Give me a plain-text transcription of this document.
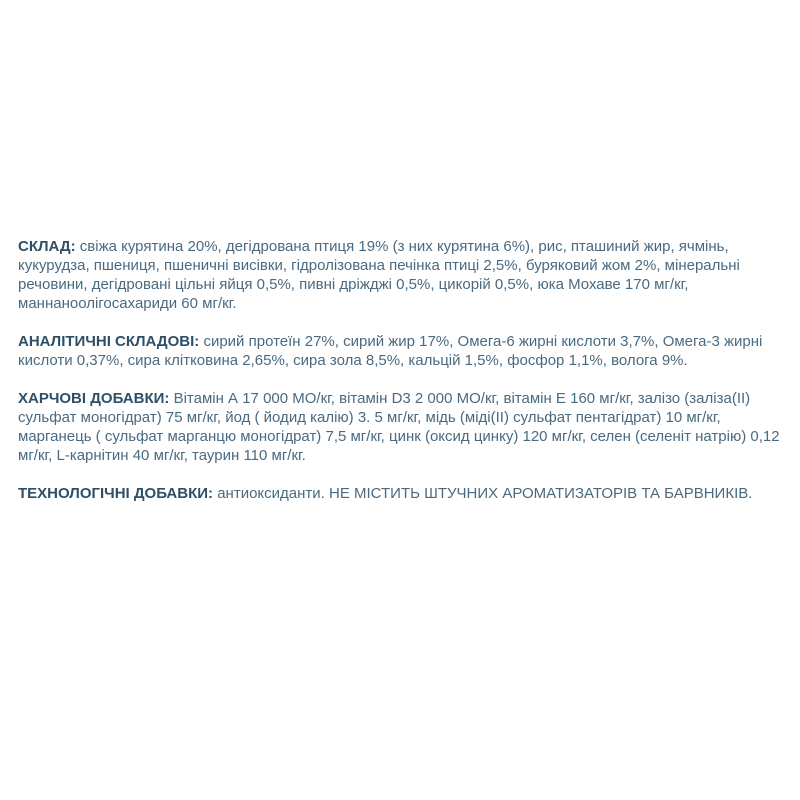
СКЛАД: свіжа курятина 20%, дегідрована птиця 19% (з них курятина 6%), рис, пташиний жир, ячмінь, кукурудза, пшениця, пшеничні висівки, гідролізована печінка птиці 2,5%, буряковий жом 2%, мінеральні речовини, дегідровані цільні яйця 0,5%, пивні дріжджі 0,5%, цикорій 0,5%, юка Мохаве 170 мг/кг, маннаноолігосахариди 60 мг/кг.

АНАЛІТИЧНІ СКЛАДОВІ: сирий протеїн 27%, сирий жир 17%, Омега-6 жирні кислоти 3,7%, Омега-3 жирні кислоти 0,37%, сира клітковина 2,65%, сира зола 8,5%, кальцій 1,5%, фосфор 1,1%, волога 9%.

ХАРЧОВІ ДОБАВКИ: Вітамін А 17 000 МО/кг, вітамін D3 2 000 МО/кг, вітамін Е 160 мг/кг, залізо (заліза(II) сульфат моногідрат) 75 мг/кг, йод ( йодид калію) 3. 5 мг/кг, мідь (міді(II) сульфат пентагідрат) 10 мг/кг, марганець ( сульфат марганцю моногідрат) 7,5 мг/кг, цинк (оксид цинку) 120 мг/кг, селен (селеніт натрію) 0,12 мг/кг, L-карнітин 40 мг/кг, таурин 110 мг/кг.

ТЕХНОЛОГІЧНІ ДОБАВКИ: антиоксиданти. НЕ МІСТИТЬ ШТУЧНИХ АРОМАТИЗАТОРІВ ТА БАРВНИКІВ.
